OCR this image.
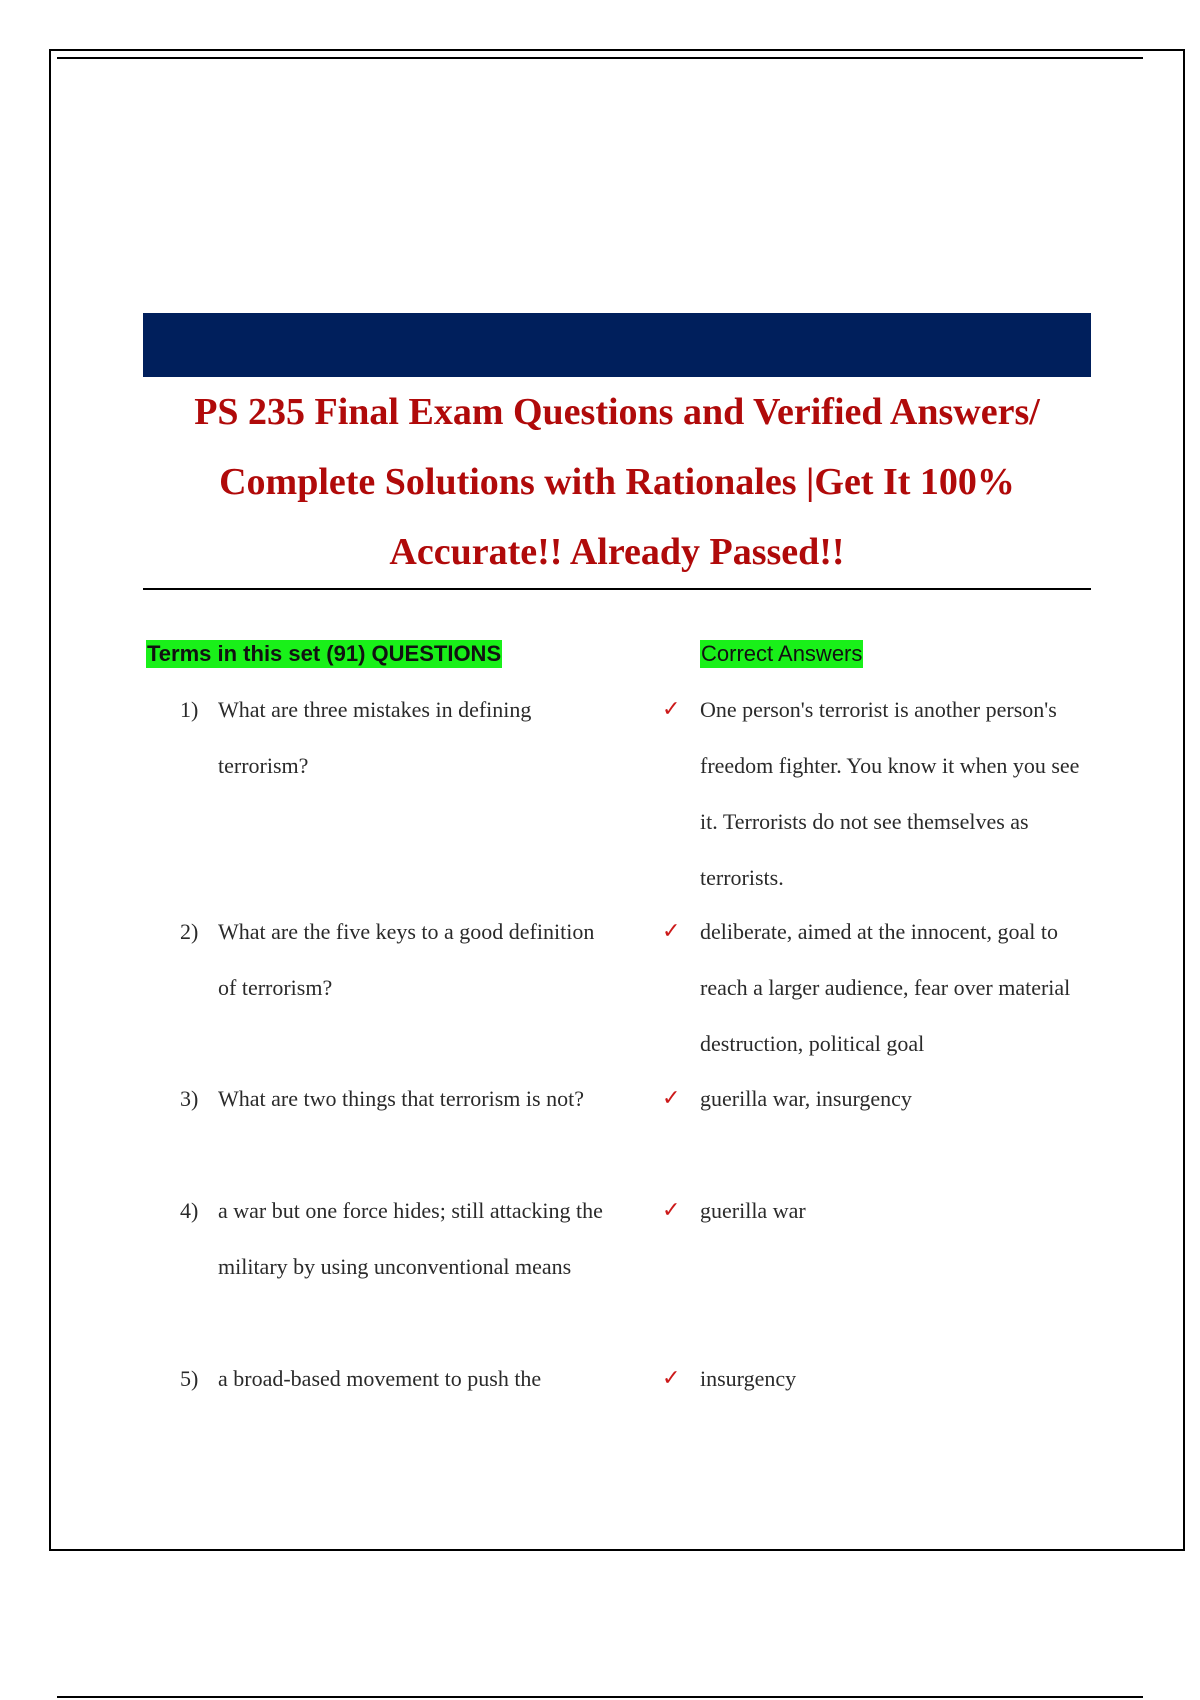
PS 235 Final Exam Questions and Verified Answers/ Complete Solutions with Rationales |Get It 100% Accurate!! Already Passed!!
Terms in this set (91) QUESTIONS	Correct Answers
1) What are three mistakes in defining terrorism?
✓ One person's terrorist is another person's freedom fighter. You know it when you see it. Terrorists do not see themselves as terrorists.
2) What are the five keys to a good definition of terrorism?
✓ deliberate, aimed at the innocent, goal to reach a larger audience, fear over material destruction, political goal
3) What are two things that terrorism is not?	✓ guerilla war, insurgency
4) a war but one force hides; still attacking the military by using unconventional means
✓ guerilla war
5) a broad-based movement to push the	✓ insurgency
